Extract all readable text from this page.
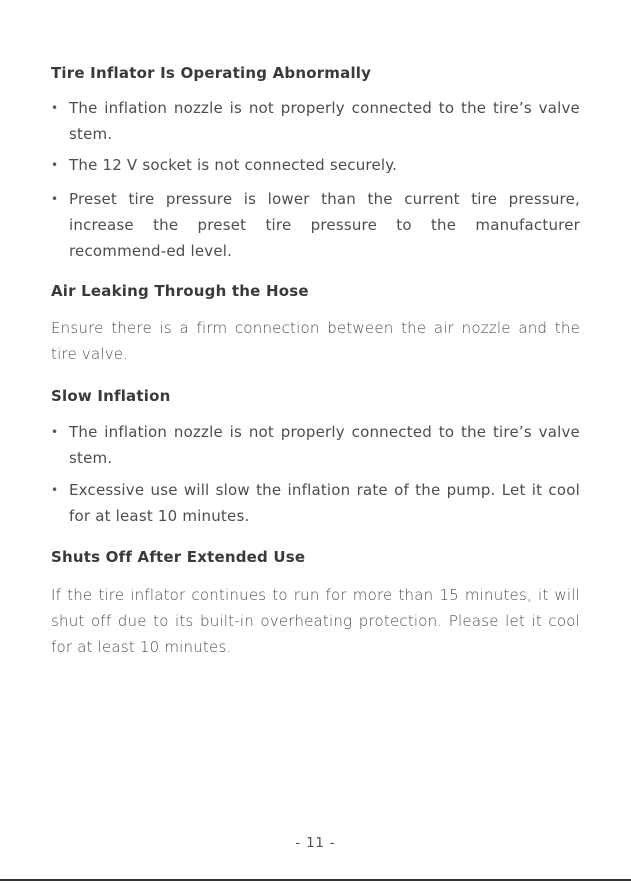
Tire Inflator Is Operating Abnormally
• The inflation nozzle is not properly connected to the tire’s valve stem.
• The 12 V socket is not connected securely.
• Preset tire pressure is lower than the current tire pressure, increase the preset tire pressure to the manufacturer recommend-ed level.
Air Leaking Through the Hose

Ensure there is a firm connection between the air nozzle and the tire valve.

Slow Inflation
• The inflation nozzle is not properly connected to the tire’s valve stem.
• Excessive use will slow the inflation rate of the pump. Let it cool for at least 10 minutes.
Shuts Off After Extended Use

If the tire inflator continues to run for more than 15 minutes, it will shut off due to its built-in overheating protection. Please let it cool for at least 10 minutes.

- 11 -
